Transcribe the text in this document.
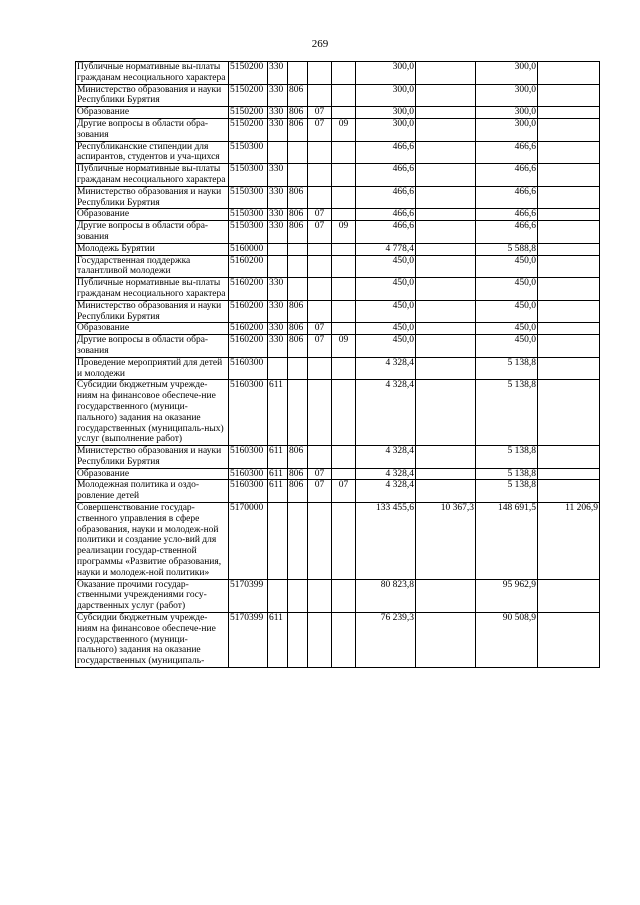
269
Публичные нормативные вы-платы гражданам несоциального характера	5150200	330				300,0		300,0	
Министерство образования и науки Республики Бурятия	5150200	330	806			300,0		300,0	
Образование	5150200	330	806	07		300,0		300,0	
Другие вопросы в области обра-зования	5150200	330	806	07	09	300,0		300,0	
Республиканские стипендии для аспирантов, студентов и уча-щихся	5150300					466,6		466,6	
Публичные нормативные вы-платы гражданам несоциального характера	5150300	330				466,6		466,6	
Министерство образования и науки Республики Бурятия	5150300	330	806			466,6		466,6	
Образование	5150300	330	806	07		466,6		466,6	
Другие вопросы в области обра-зования	5150300	330	806	07	09	466,6		466,6	
Молодежь Бурятии	5160000					4 778,4		5 588,8	
Государственная поддержка талантливой молодежи	5160200					450,0		450,0	
Публичные нормативные вы-платы гражданам несоциального характера	5160200	330				450,0		450,0	
Министерство образования и науки Республики Бурятия	5160200	330	806			450,0		450,0	
Образование	5160200	330	806	07		450,0		450,0	
Другие вопросы в области обра-зования	5160200	330	806	07	09	450,0		450,0	
Проведение мероприятий для детей и молодежи	5160300					4 328,4		5 138,8	
Субсидии бюджетным учрежде-ниям на финансовое обеспече-ние государственного (муници-пального) задания на оказание государственных (муниципаль-ных) услуг (выполнение работ)	5160300	611				4 328,4		5 138,8	
Министерство образования и науки Республики Бурятия	5160300	611	806			4 328,4		5 138,8	
Образование	5160300	611	806	07		4 328,4		5 138,8	
Молодежная политика и оздо-ровление детей	5160300	611	806	07	07	4 328,4		5 138,8	
Совершенствование государ-ственного управления в сфере образования, науки и молодеж-ной политики и создание усло-вий для реализации государ-ственной программы «Развитие образования, науки и молодеж-ной политики»	5170000					133 455,6	10 367,3	148 691,5	11 206,9
Оказание прочими государ-ственными учреждениями госу-дарственных услуг (работ)	5170399					80 823,8		95 962,9	
Субсидии бюджетным учрежде-ниям на финансовое обеспече-ние государственного (муници-пального) задания на оказание государственных (муниципаль-	5170399	611				76 239,3		90 508,9	
